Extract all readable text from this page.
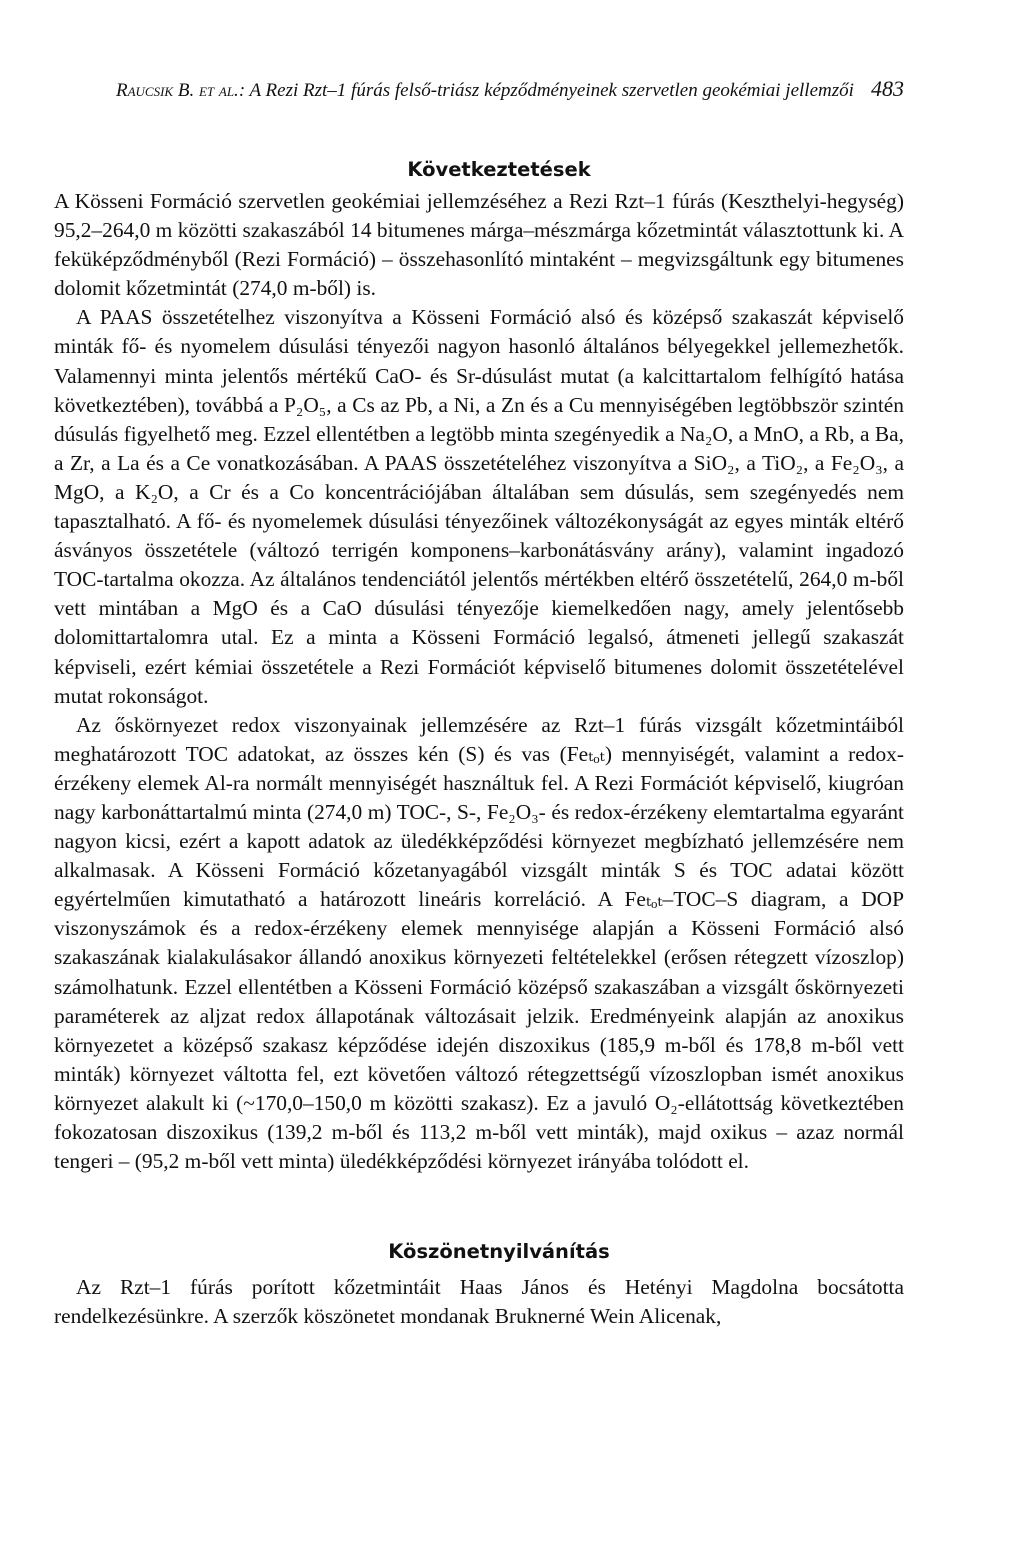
Raucsik B. et al.: A Rezi Rzt–1 fúrás felső-triász képződményeinek szervetlen geokémiai jellemzői 483
Következtetések

A Kösseni Formáció szervetlen geokémiai jellemzéséhez a Rezi Rzt–1 fúrás (Keszthelyi-hegység) 95,2–264,0 m közötti szakaszából 14 bitumenes márga–mészmárga kőzetmintát választottunk ki. A feküképződményből (Rezi Formáció) – összehasonlító mintaként – megvizsgáltunk egy bitumenes dolomit kőzetmintát (274,0 m-ből) is.

A PAAS összetételhez viszonyítva a Kösseni Formáció alsó és középső szakaszát képviselő minták fő- és nyomelem dúsulási tényezői nagyon hasonló általános bélyegekkel jellemezhetők. Valamennyi minta jelentős mértékű CaO- és Sr-dúsulást mutat (a kalcittartalom felhígító hatása következtében), továbbá a P₂O₅, a Cs az Pb, a Ni, a Zn és a Cu mennyiségében legtöbbször szintén dúsulás figyelhető meg. Ezzel ellentétben a legtöbb minta szegényedik a Na₂O, a MnO, a Rb, a Ba, a Zr, a La és a Ce vonatkozásában. A PAAS összetételéhez viszonyítva a SiO₂, a TiO₂, a Fe₂O₃, a MgO, a K₂O, a Cr és a Co koncentrációjában általában sem dúsulás, sem szegényedés nem tapasztalható. A fő- és nyomelemek dúsulási tényezőinek változékonyságát az egyes minták eltérő ásványos összetétele (változó terrigén komponens–karbonátásvány arány), valamint ingadozó TOC-tartalma okozza. Az általános tendenciától jelentős mértékben eltérő összetételű, 264,0 m-ből vett mintában a MgO és a CaO dúsulási tényezője kiemelkedően nagy, amely jelentősebb dolomittartalomra utal. Ez a minta a Kösseni Formáció legalsó, átmeneti jellegű szakaszát képviseli, ezért kémiai összetétele a Rezi Formációt képviselő bitumenes dolomit összetételével mutat rokonságot.

Az őskörnyezet redox viszonyainak jellemzésére az Rzt–1 fúrás vizsgált kőzetmintáiból meghatározott TOC adatokat, az összes kén (S) és vas (Feₜₒₜ) mennyiségét, valamint a redox-érzékeny elemek Al-ra normált mennyiségét használtuk fel. A Rezi Formációt képviselő, kiugróan nagy karbonáttartalmú minta (274,0 m) TOC-, S-, Fe₂O₃- és redox-érzékeny elemtartalma egyaránt nagyon kicsi, ezért a kapott adatok az üledékképződési környezet megbízható jellemzésére nem alkalmasak. A Kösseni Formáció kőzetanyagából vizsgált minták S és TOC adatai között egyértelműen kimutatható a határozott lineáris korreláció. A Feₜₒₜ–TOC–S diagram, a DOP viszonyszámok és a redox-érzékeny elemek mennyisége alapján a Kösseni Formáció alsó szakaszának kialakulásakor állandó anoxikus környezeti feltételekkel (erősen rétegzett vízoszlop) számolhatunk. Ezzel ellentétben a Kösseni Formáció középső szakaszában a vizsgált őskörnyezeti paraméterek az aljzat redox állapotának változásait jelzik. Eredményeink alapján az anoxikus környezetet a középső szakasz képződése idején diszoxikus (185,9 m-ből és 178,8 m-ből vett minták) környezet váltotta fel, ezt követően változó rétegzettségű vízoszlopban ismét anoxikus környezet alakult ki (~170,0–150,0 m közötti szakasz). Ez a javuló O₂-ellátottság következtében fokozatosan diszoxikus (139,2 m-ből és 113,2 m-ből vett minták), majd oxikus – azaz normál tengeri – (95,2 m-ből vett minta) üledékképződési környezet irányába tolódott el.

Köszönetnyilvánítás

Az Rzt–1 fúrás porított kőzetmintáit Haas János és Hetényi Magdolna bocsátotta rendelkezésünkre. A szerzők köszönetet mondanak Bruknerné Wein Alicenak,
